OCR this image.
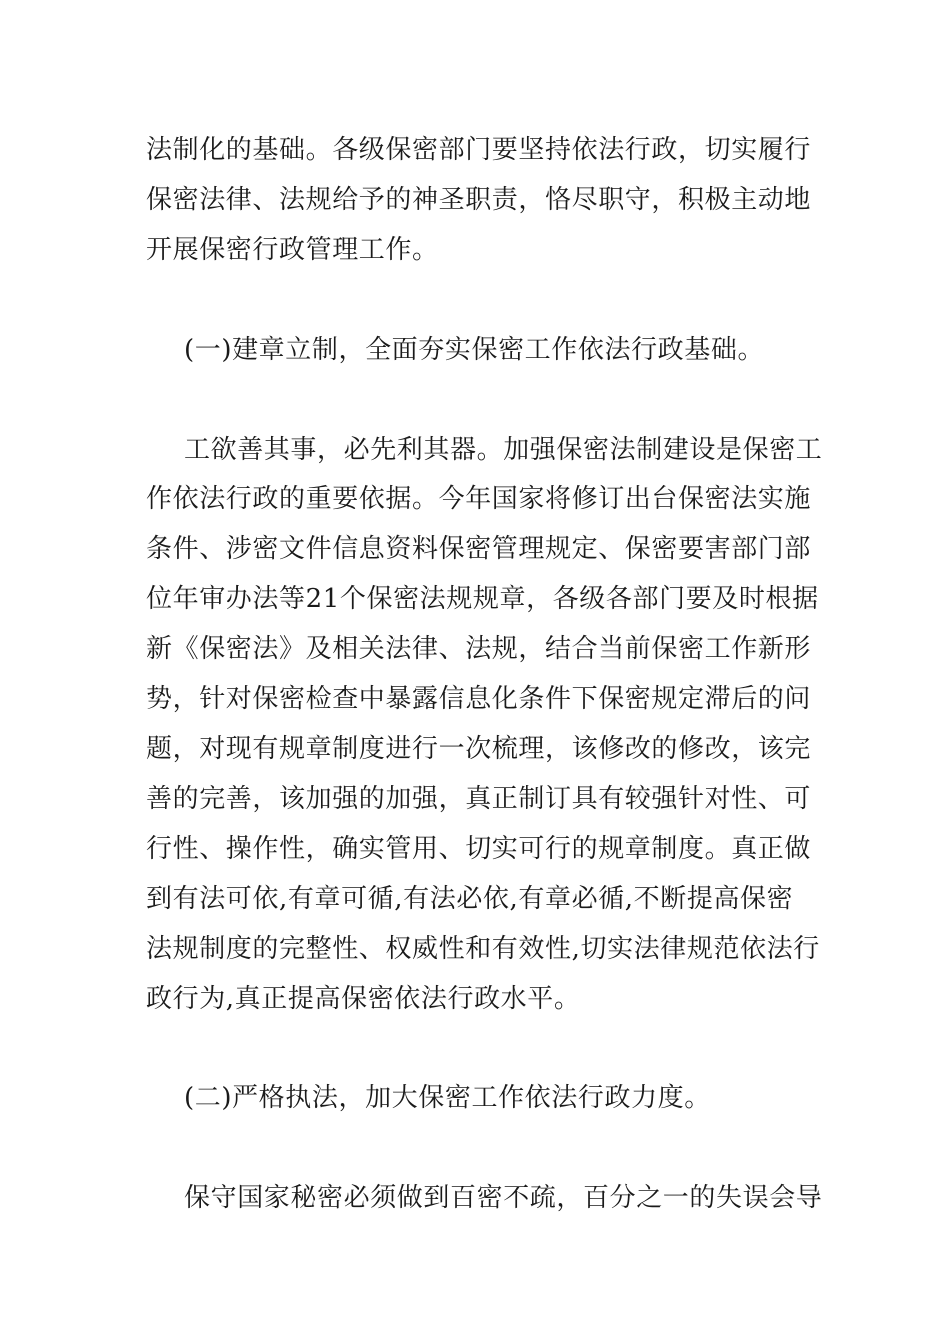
法制化的基础。各级保密部门要坚持依法行政，切实履行
保密法律、法规给予的神圣职责，恪尽职守，积极主动地
开展保密行政管理工作。
(一)建章立制，全面夯实保密工作依法行政基础。
工欲善其事，必先利其器。加强保密法制建设是保密工
作依法行政的重要依据。今年国家将修订出台保密法实施
条件、涉密文件信息资料保密管理规定、保密要害部门部
位年审办法等21个保密法规规章，各级各部门要及时根据
新《保密法》及相关法律、法规，结合当前保密工作新形
势，针对保密检查中暴露信息化条件下保密规定滞后的问
题，对现有规章制度进行一次梳理，该修改的修改，该完
善的完善，该加强的加强，真正制订具有较强针对性、可
行性、操作性，确实管用、切实可行的规章制度。真正做
到有法可依,有章可循,有法必依,有章必循,不断提高保密
法规制度的完整性、权威性和有效性,切实法律规范依法行
政行为,真正提高保密依法行政水平。
(二)严格执法，加大保密工作依法行政力度。
保守国家秘密必须做到百密不疏，百分之一的失误会导
